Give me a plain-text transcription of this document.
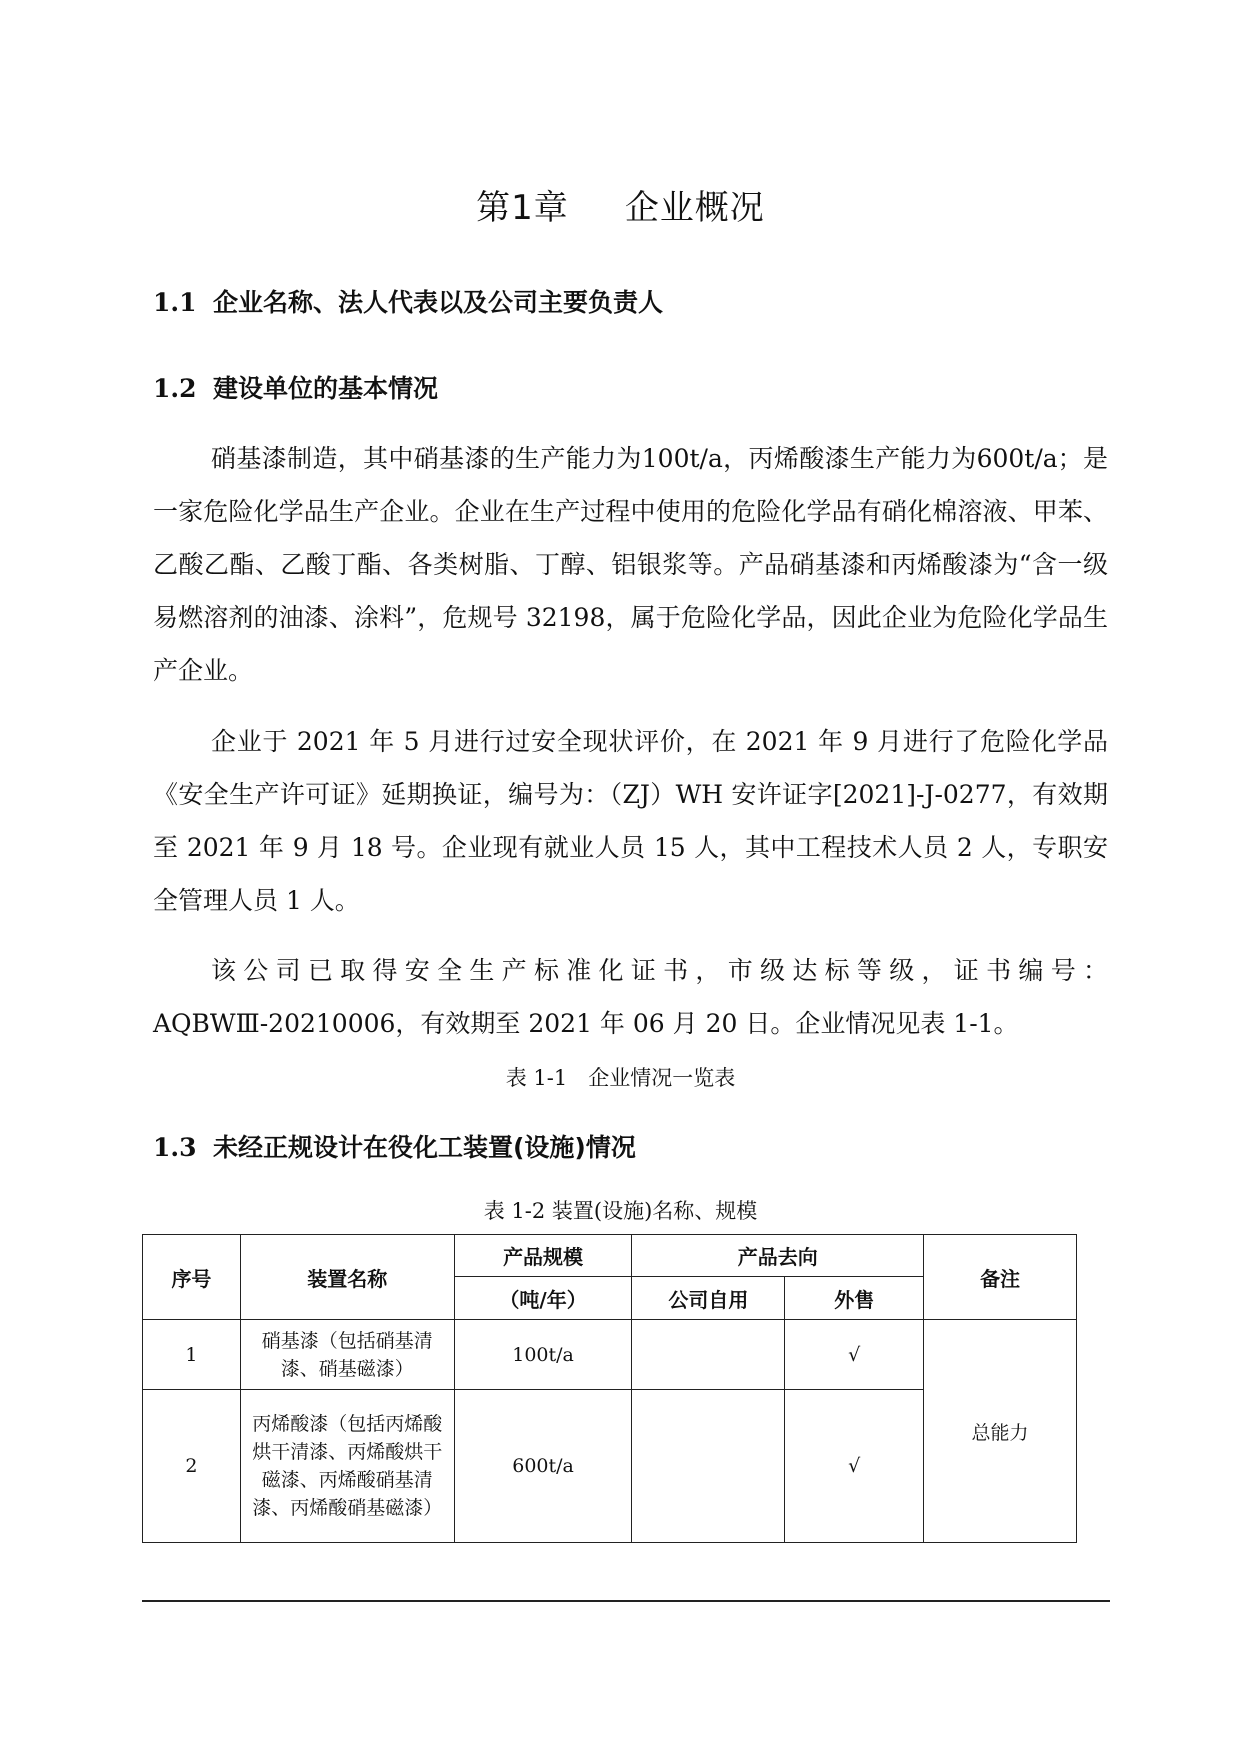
第1章 企业概况
1.1 企业名称、法人代表以及公司主要负责人
1.2 建设单位的基本情况

硝基漆制造，其中硝基漆的生产能力为100t/a，丙烯酸漆生产能力为600t/a；是一家危险化学品生产企业。企业在生产过程中使用的危险化学品有硝化棉溶液、甲苯、乙酸乙酯、乙酸丁酯、各类树脂、丁醇、铝银浆等。产品硝基漆和丙烯酸漆为“含一级易燃溶剂的油漆、涂料”，危规号 32198，属于危险化学品，因此企业为危险化学品生产企业。

企业于 2021 年 5 月进行过安全现状评价，在 2021 年 9 月进行了危险化学品《安全生产许可证》延期换证，编号为：（ZJ）WH 安许证字[2021]-J-0277，有效期至 2021 年 9 月 18 号。企业现有就业人员 15 人，其中工程技术人员 2 人，专职安全管理人员 1 人。

该公司已取得安全生产标准化证书，市级达标等级，证书编号：AQBWⅢ-20210006，有效期至 2021 年 06 月 20 日。企业情况见表 1-1。

表 1-1　企业情况一览表
1.3 未经正规设计在役化工装置(设施)情况
表 1-2 装置(设施)名称、规模
序号	装置名称	产品规模	产品去向		备注
		（吨/年）	公司自用	外售	
1	硝基漆（包括硝基清漆、硝基磁漆）	100t/a		√	总能力
2	丙烯酸漆（包括丙烯酸烘干清漆、丙烯酸烘干磁漆、丙烯酸硝基清漆、丙烯酸硝基磁漆）	600t/a		√	
